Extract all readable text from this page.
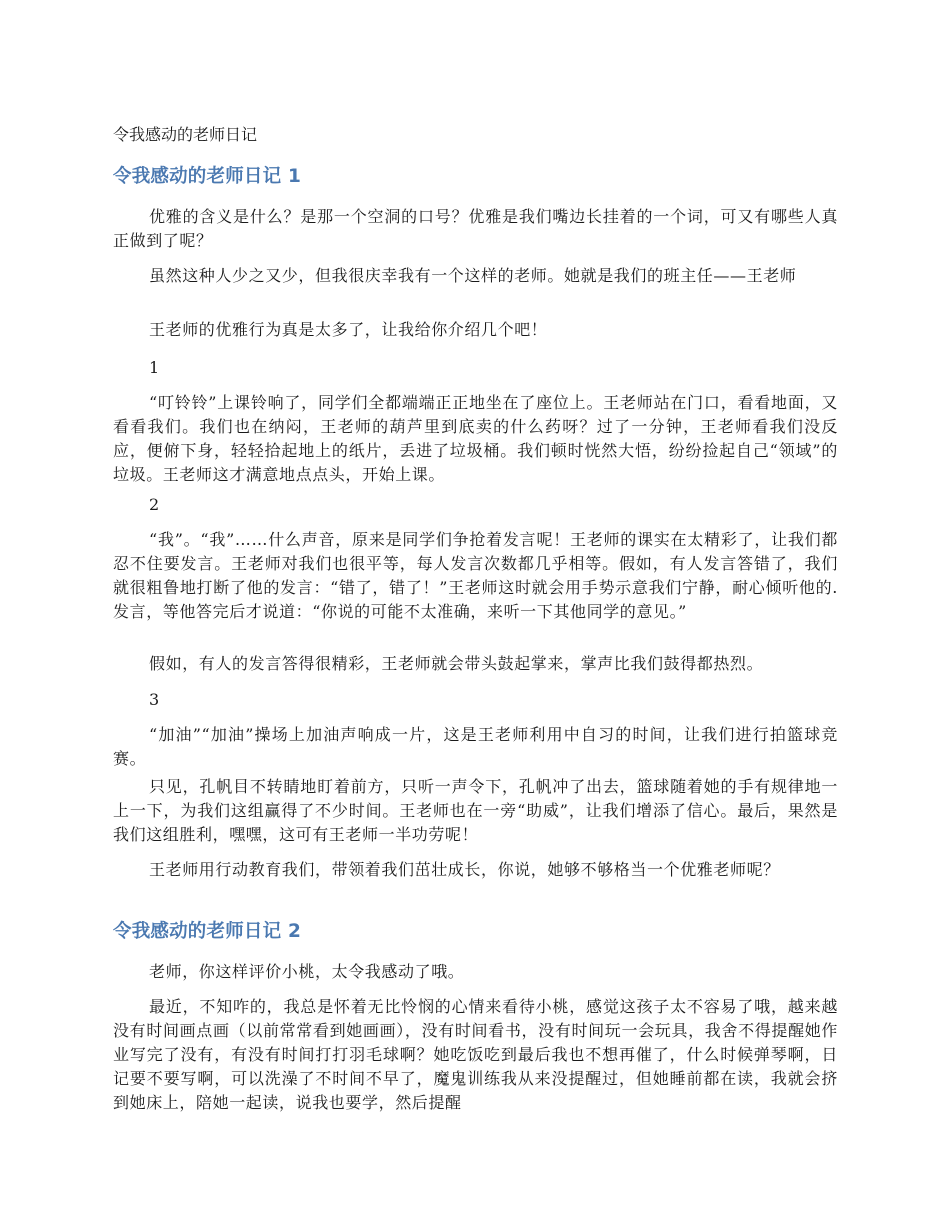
令我感动的老师日记
令我感动的老师日记 1

优雅的含义是什么？是那一个空洞的口号？优雅是我们嘴边长挂着的一个词，可又有哪些人真正做到了呢？

虽然这种人少之又少，但我很庆幸我有一个这样的老师。她就是我们的班主任——王老师

王老师的优雅行为真是太多了，让我给你介绍几个吧！

1

“叮铃铃”上课铃响了，同学们全都端端正正地坐在了座位上。王老师站在门口，看看地面，又看看我们。我们也在纳闷，王老师的葫芦里到底卖的什么药呀？过了一分钟，王老师看我们没反应，便俯下身，轻轻拾起地上的纸片，丢进了垃圾桶。我们顿时恍然大悟，纷纷捡起自己“领域”的垃圾。王老师这才满意地点点头，开始上课。

2

“我”。“我”……什么声音，原来是同学们争抢着发言呢！王老师的课实在太精彩了，让我们都忍不住要发言。王老师对我们也很平等，每人发言次数都几乎相等。假如，有人发言答错了，我们就很粗鲁地打断了他的发言：“错了，错了！”王老师这时就会用手势示意我们宁静，耐心倾听他的.发言，等他答完后才说道：“你说的可能不太准确，来听一下其他同学的意见。”

假如，有人的发言答得很精彩，王老师就会带头鼓起掌来，掌声比我们鼓得都热烈。

3

“加油”“加油”操场上加油声响成一片，这是王老师利用中自习的时间，让我们进行拍篮球竞赛。

只见，孔帆目不转睛地盯着前方，只听一声令下，孔帆冲了出去，篮球随着她的手有规律地一上一下，为我们这组赢得了不少时间。王老师也在一旁“助威”，让我们增添了信心。最后，果然是我们这组胜利，嘿嘿，这可有王老师一半功劳呢！

王老师用行动教育我们，带领着我们茁壮成长，你说，她够不够格当一个优雅老师呢？

令我感动的老师日记 2

老师，你这样评价小桃，太令我感动了哦。

最近，不知咋的，我总是怀着无比怜悯的心情来看待小桃，感觉这孩子太不容易了哦，越来越没有时间画点画（以前常常看到她画画），没有时间看书，没有时间玩一会玩具，我舍不得提醒她作业写完了没有，有没有时间打打羽毛球啊？她吃饭吃到最后我也不想再催了，什么时候弹琴啊，日记要不要写啊，可以洗澡了不时间不早了，魔鬼训练我从来没提醒过，但她睡前都在读，我就会挤到她床上，陪她一起读，说我也要学，然后提醒
